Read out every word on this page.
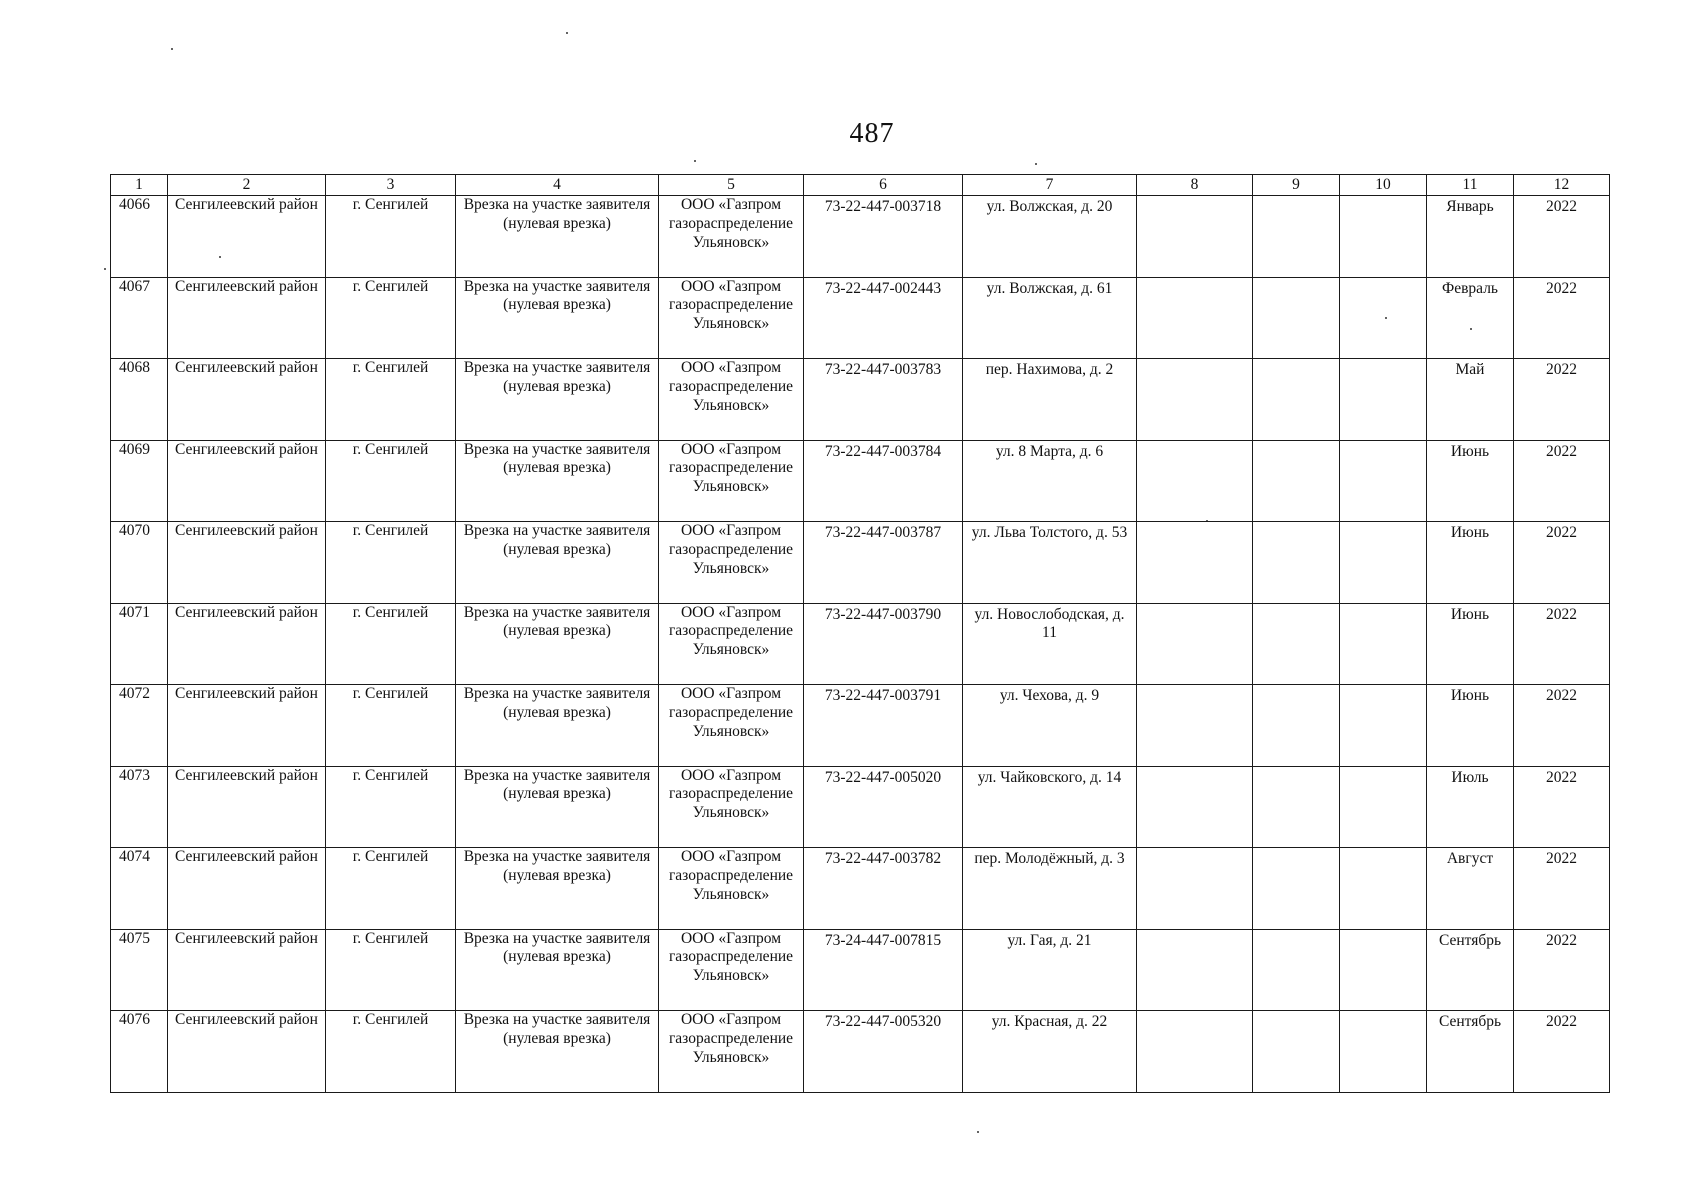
487
1	2	3	4	5	6	7	8	9	10	11	12
4066	Сенгилеевский район	г. Сенгилей	Врезка на участке заявителя (нулевая врезка)	ООО «Газпром газораспределение Ульяновск»	73-22-447-003718	ул. Волжская, д. 20				Январь	2022
4067	Сенгилеевский район	г. Сенгилей	Врезка на участке заявителя (нулевая врезка)	ООО «Газпром газораспределение Ульяновск»	73-22-447-002443	ул. Волжская, д. 61				Февраль	2022
4068	Сенгилеевский район	г. Сенгилей	Врезка на участке заявителя (нулевая врезка)	ООО «Газпром газораспределение Ульяновск»	73-22-447-003783	пер. Нахимова, д. 2				Май	2022
4069	Сенгилеевский район	г. Сенгилей	Врезка на участке заявителя (нулевая врезка)	ООО «Газпром газораспределение Ульяновск»	73-22-447-003784	ул. 8 Марта, д. 6				Июнь	2022
4070	Сенгилеевский район	г. Сенгилей	Врезка на участке заявителя (нулевая врезка)	ООО «Газпром газораспределение Ульяновск»	73-22-447-003787	ул. Льва Толстого, д. 53				Июнь	2022
4071	Сенгилеевский район	г. Сенгилей	Врезка на участке заявителя (нулевая врезка)	ООО «Газпром газораспределение Ульяновск»	73-22-447-003790	ул. Новослободская, д. 11				Июнь	2022
4072	Сенгилеевский район	г. Сенгилей	Врезка на участке заявителя (нулевая врезка)	ООО «Газпром газораспределение Ульяновск»	73-22-447-003791	ул. Чехова, д. 9				Июнь	2022
4073	Сенгилеевский район	г. Сенгилей	Врезка на участке заявителя (нулевая врезка)	ООО «Газпром газораспределение Ульяновск»	73-22-447-005020	ул. Чайковского, д. 14				Июль	2022
4074	Сенгилеевский район	г. Сенгилей	Врезка на участке заявителя (нулевая врезка)	ООО «Газпром газораспределение Ульяновск»	73-22-447-003782	пер. Молодёжный, д. 3				Август	2022
4075	Сенгилеевский район	г. Сенгилей	Врезка на участке заявителя (нулевая врезка)	ООО «Газпром газораспределение Ульяновск»	73-24-447-007815	ул. Гая, д. 21				Сентябрь	2022
4076	Сенгилеевский район	г. Сенгилей	Врезка на участке заявителя (нулевая врезка)	ООО «Газпром газораспределение Ульяновск»	73-22-447-005320	ул. Красная, д. 22				Сентябрь	2022
